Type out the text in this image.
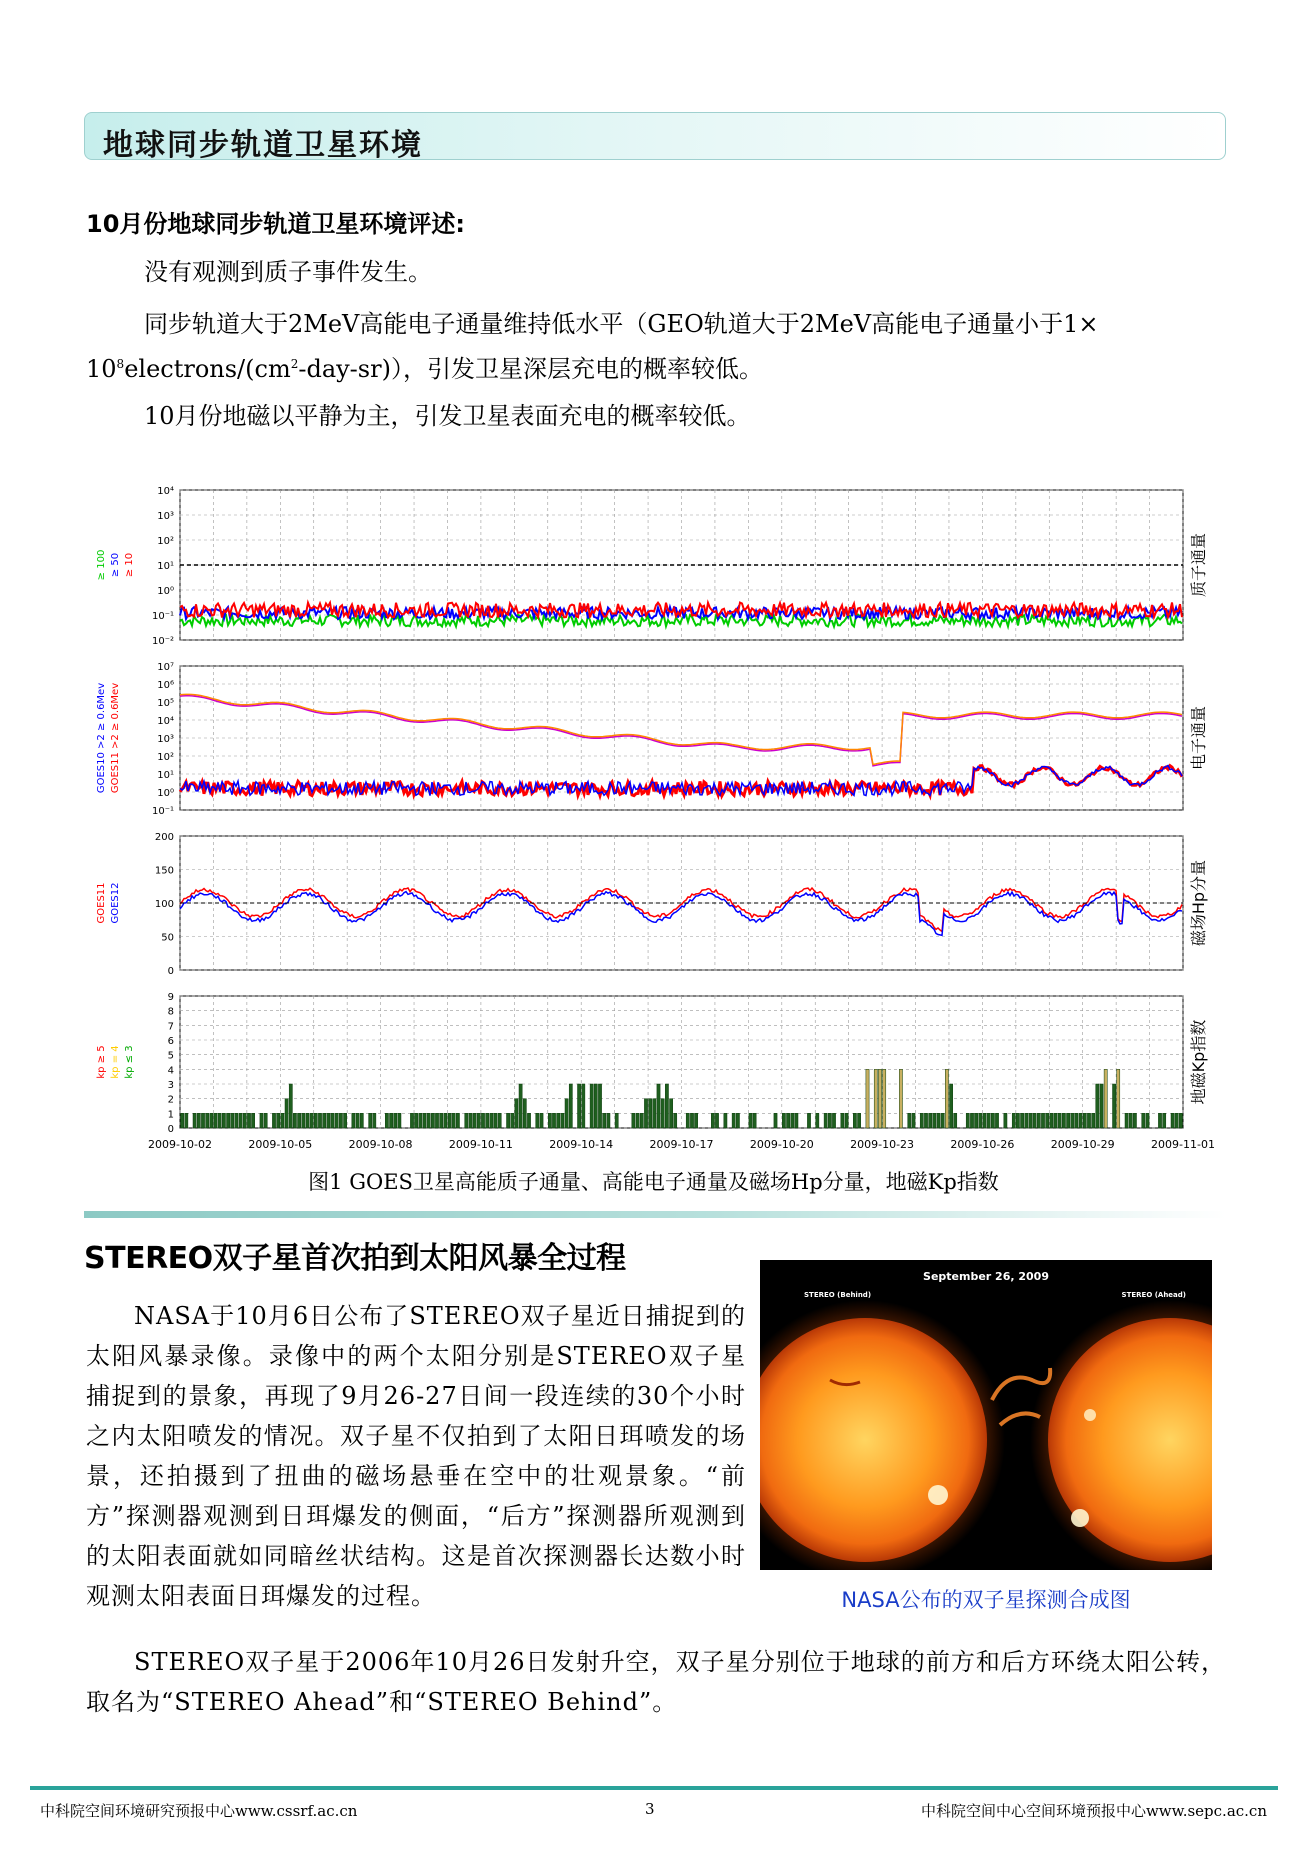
地球同步轨道卫星环境
10月份地球同步轨道卫星环境评述:
没有观测到质子事件发生。
同步轨道大于2MeV高能电子通量维持低水平（GEO轨道大于2MeV高能电子通量小于1×
$10^8electrons/(cm^2-day-sr)$），引发卫星深层充电的概率较低。
10月份地磁以平静为主，引发卫星表面充电的概率较低。
10⁻²
10⁻¹
10⁰
10¹
10²
10³
10⁴
质子通量
≥ 100 ≥ 50 ≥ 10
10⁻¹
10⁰
10¹
10²
10³
10⁴
10⁵
10⁶
10⁷
电子通量
GOES10 >2 ≥ 0.6Mev GOES11 >2 ≥ 0.6Mev
0
50
100
150
200
磁场Hp分量
GOES11 GOES12
0
1
2
3
4
5
6
7
8
9
地磁Kp指数
kp ≥ 5 kp = 4 kp ≤ 3
2009-10-02	2009-10-05	2009-10-08	2009-10-11	2009-10-14	2009-10-17	2009-10-20	2009-10-23	2009-10-26	2009-10-29	2009-11-01
图1 GOES卫星高能质子通量、高能电子通量及磁场Hp分量，地磁Kp指数
STEREO双子星首次拍到太阳风暴全过程
NASA于10月6日公布了STEREO双子星近日捕捉到的太阳风暴录像。录像中的两个太阳分别是STEREO双子星捕捉到的景象，再现了9月26-27日间一段连续的30个小时之内太阳喷发的情况。双子星不仅拍到了太阳日珥喷发的场景，还拍摄到了扭曲的磁场悬垂在空中的壮观景象。“前方”探测器观测到日珥爆发的侧面，“后方”探测器所观测到的太阳表面就如同暗丝状结构。这是首次探测器长达数小时观测太阳表面日珥爆发的过程。
September 26, 2009
STEREO (Behind)	STEREO (Ahead)
NASA公布的双子星探测合成图
STEREO双子星于2006年10月26日发射升空，双子星分别位于地球的前方和后方环绕太阳公转，取名为“STEREO Ahead”和“STEREO Behind”。
中科院空间环境研究预报中心www.cssrf.ac.cn	3	中科院空间中心空间环境预报中心www.sepc.ac.cn
